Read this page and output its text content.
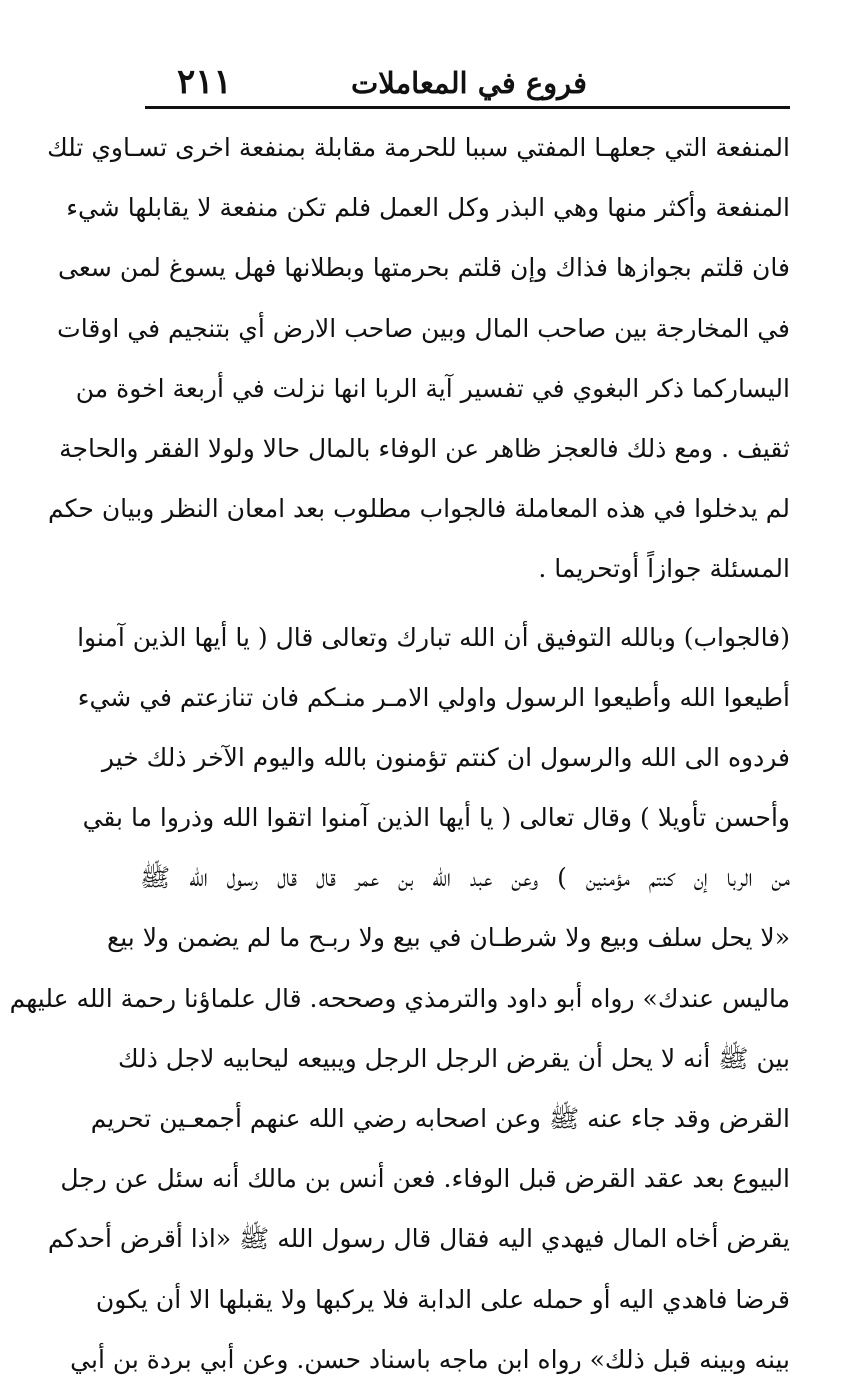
فروع في المعاملات
٢١١
المنفعة التي جعلهـا المفتي سببا للحرمة مقابلة بمنفعة اخرى تسـاوي تلك
المنفعة وأكثر منها وهي البذر وكل العمل فلم تكن منفعة لا يقابلها شيء
فان قلتم بجوازها فذاك وإن قلتم بحرمتها وبطلانها فهل يسوغ لمن سعى
في المخارجة بين صاحب المال وبين صاحب الارض أي بتنجيم في اوقات
اليساركما ذكر البغوي في تفسير آية الربا انها نزلت في أربعة اخوة من
ثقيف . ومع ذلك فالعجز ظاهر عن الوفاء بالمال حالا ولولا الفقر والحاجة
لم يدخلوا في هذه المعاملة فالجواب مطلوب بعد امعان النظر وبيان حكم
المسئلة جوازاً أوتحريما .
(فالجواب) وبالله التوفيق أن الله تبارك وتعالى قال ( يا أيها الذين آمنوا
أطيعوا الله وأطيعوا الرسول واولي الامـر منـكم فان تنازعتم في شيء
فردوه الى الله والرسول ان كنتم تؤمنون بالله واليوم الآخر ذلك خير
وأحسن تأويلا ) وقال تعالى ( يا أيها الذين آمنوا اتقوا الله وذروا ما بقي
من الربا إن كنتم مؤمنين ) وعن عبد الله بن عمر قال قال رسول الله ﷺ
«لا يحل سلف وبيع ولا شرطـان في بيع ولا ربـح ما لم يضمن ولا بيع
ماليس عندك» رواه أبو داود والترمذي وصححه. قال علماؤنا رحمة الله عليهم
بين ﷺ أنه لا يحل أن يقرض الرجل الرجل ويبيعه ليحابيه لاجل ذلك
القرض وقد جاء عنه ﷺ وعن اصحابه رضي الله عنهم أجمعـين تحريم
البيوع بعد عقد القرض قبل الوفاء. فعن أنس بن مالك أنه سئل عن رجل
يقرض أخاه المال فيهدي اليه فقال قال رسول الله ﷺ «اذا أقرض أحدكم
قرضا فاهدي اليه أو حمله على الدابة فلا يركبها ولا يقبلها الا أن يكون
بينه وبينه قبل ذلك» رواه ابن ماجه باسناد حسن. وعن أبي بردة بن أبي
